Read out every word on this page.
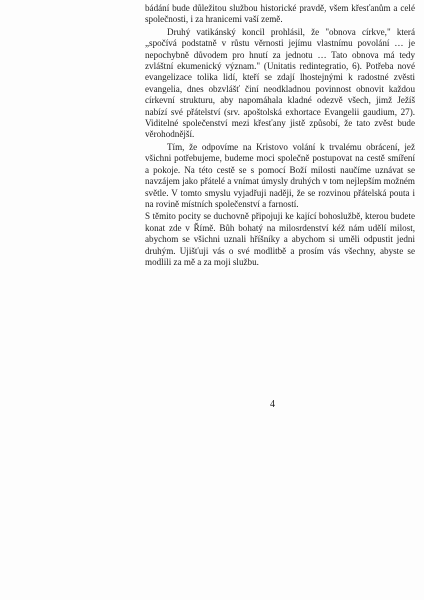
bádání bude důležitou službou historické pravdě, všem křesťanům a celé společnosti, i za hranicemi vaší země.

Druhý vatikánský koncil prohlásil, že "obnova církve," která „spočívá podstatně v růstu věrnosti jejímu vlastnímu povolání … je nepochybně důvodem pro hnutí za jednotu … Tato obnova má tedy zvláštní ekumenický význam." (Unitatis redintegratio, 6). Potřeba nové evangelizace tolika lidí, kteří se zdají lhostejnými k radostné zvěsti evangelia, dnes obzvlášť činí neodkladnou povinnost obnovit každou církevní strukturu, aby napomáhala kladné odezvě všech, jimž Ježíš nabízí své přátelství (srv. apoštolská exhortace Evangelii gaudium, 27). Viditelné společenství mezi křesťany jistě způsobí, že tato zvěst bude věrohodnější.

Tím, že odpovíme na Kristovo volání k trvalému obrácení, jež všichni potřebujeme, budeme moci společně postupovat na cestě smíření a pokoje. Na této cestě se s pomocí Boží milosti naučíme uznávat se navzájem jako přátelé a vnímat úmysly druhých v tom nejlepším možném světle. V tomto smyslu vyjadřuji naději, že se rozvinou přátelská pouta i na rovině místních společenství a farností.

S těmito pocity se duchovně připojuji ke kající bohoslužbě, kterou budete konat zde v Římě. Bůh bohatý na milosrdenství kéž nám udělí milost, abychom se všichni uznali hříšníky a abychom si uměli odpustit jedni druhým. Ujišťuji vás o své modlitbě a prosím vás všechny, abyste se modlili za mě a za moji službu.

4
